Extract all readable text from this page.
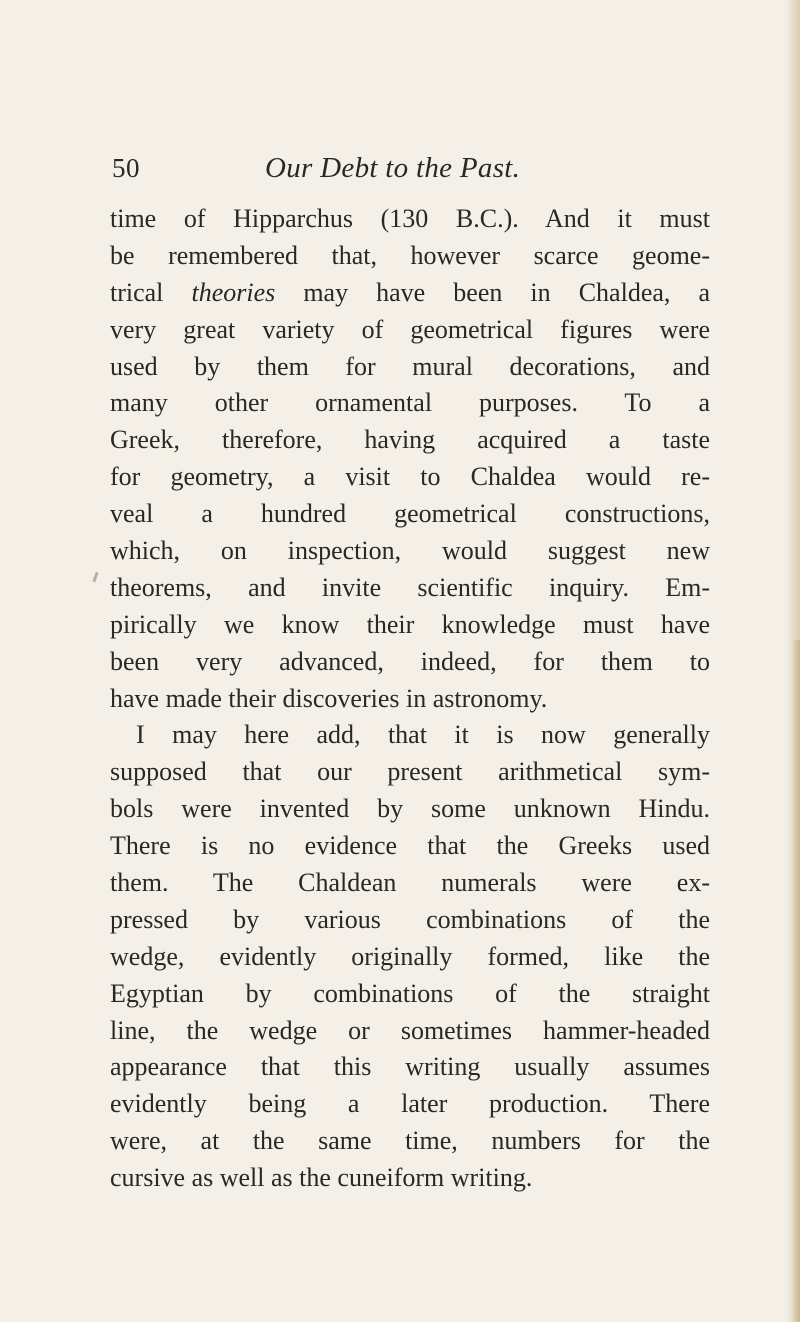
50	Our Debt to the Past.
time of Hipparchus (130 B.C.). And it must
be remembered that, however scarce geome-
trical theories may have been in Chaldea, a
very great variety of geometrical figures were
used by them for mural decorations, and
many other ornamental purposes. To a
Greek, therefore, having acquired a taste
for geometry, a visit to Chaldea would re-
veal a hundred geometrical constructions,
which, on inspection, would suggest new
theorems, and invite scientific inquiry. Em-
pirically we know their knowledge must have
been very advanced, indeed, for them to
have made their discoveries in astronomy.
I may here add, that it is now generally
supposed that our present arithmetical sym-
bols were invented by some unknown Hindu.
There is no evidence that the Greeks used
them. The Chaldean numerals were ex-
pressed by various combinations of the
wedge, evidently originally formed, like the
Egyptian by combinations of the straight
line, the wedge or sometimes hammer-headed
appearance that this writing usually assumes
evidently being a later production. There
were, at the same time, numbers for the
cursive as well as the cuneiform writing.
